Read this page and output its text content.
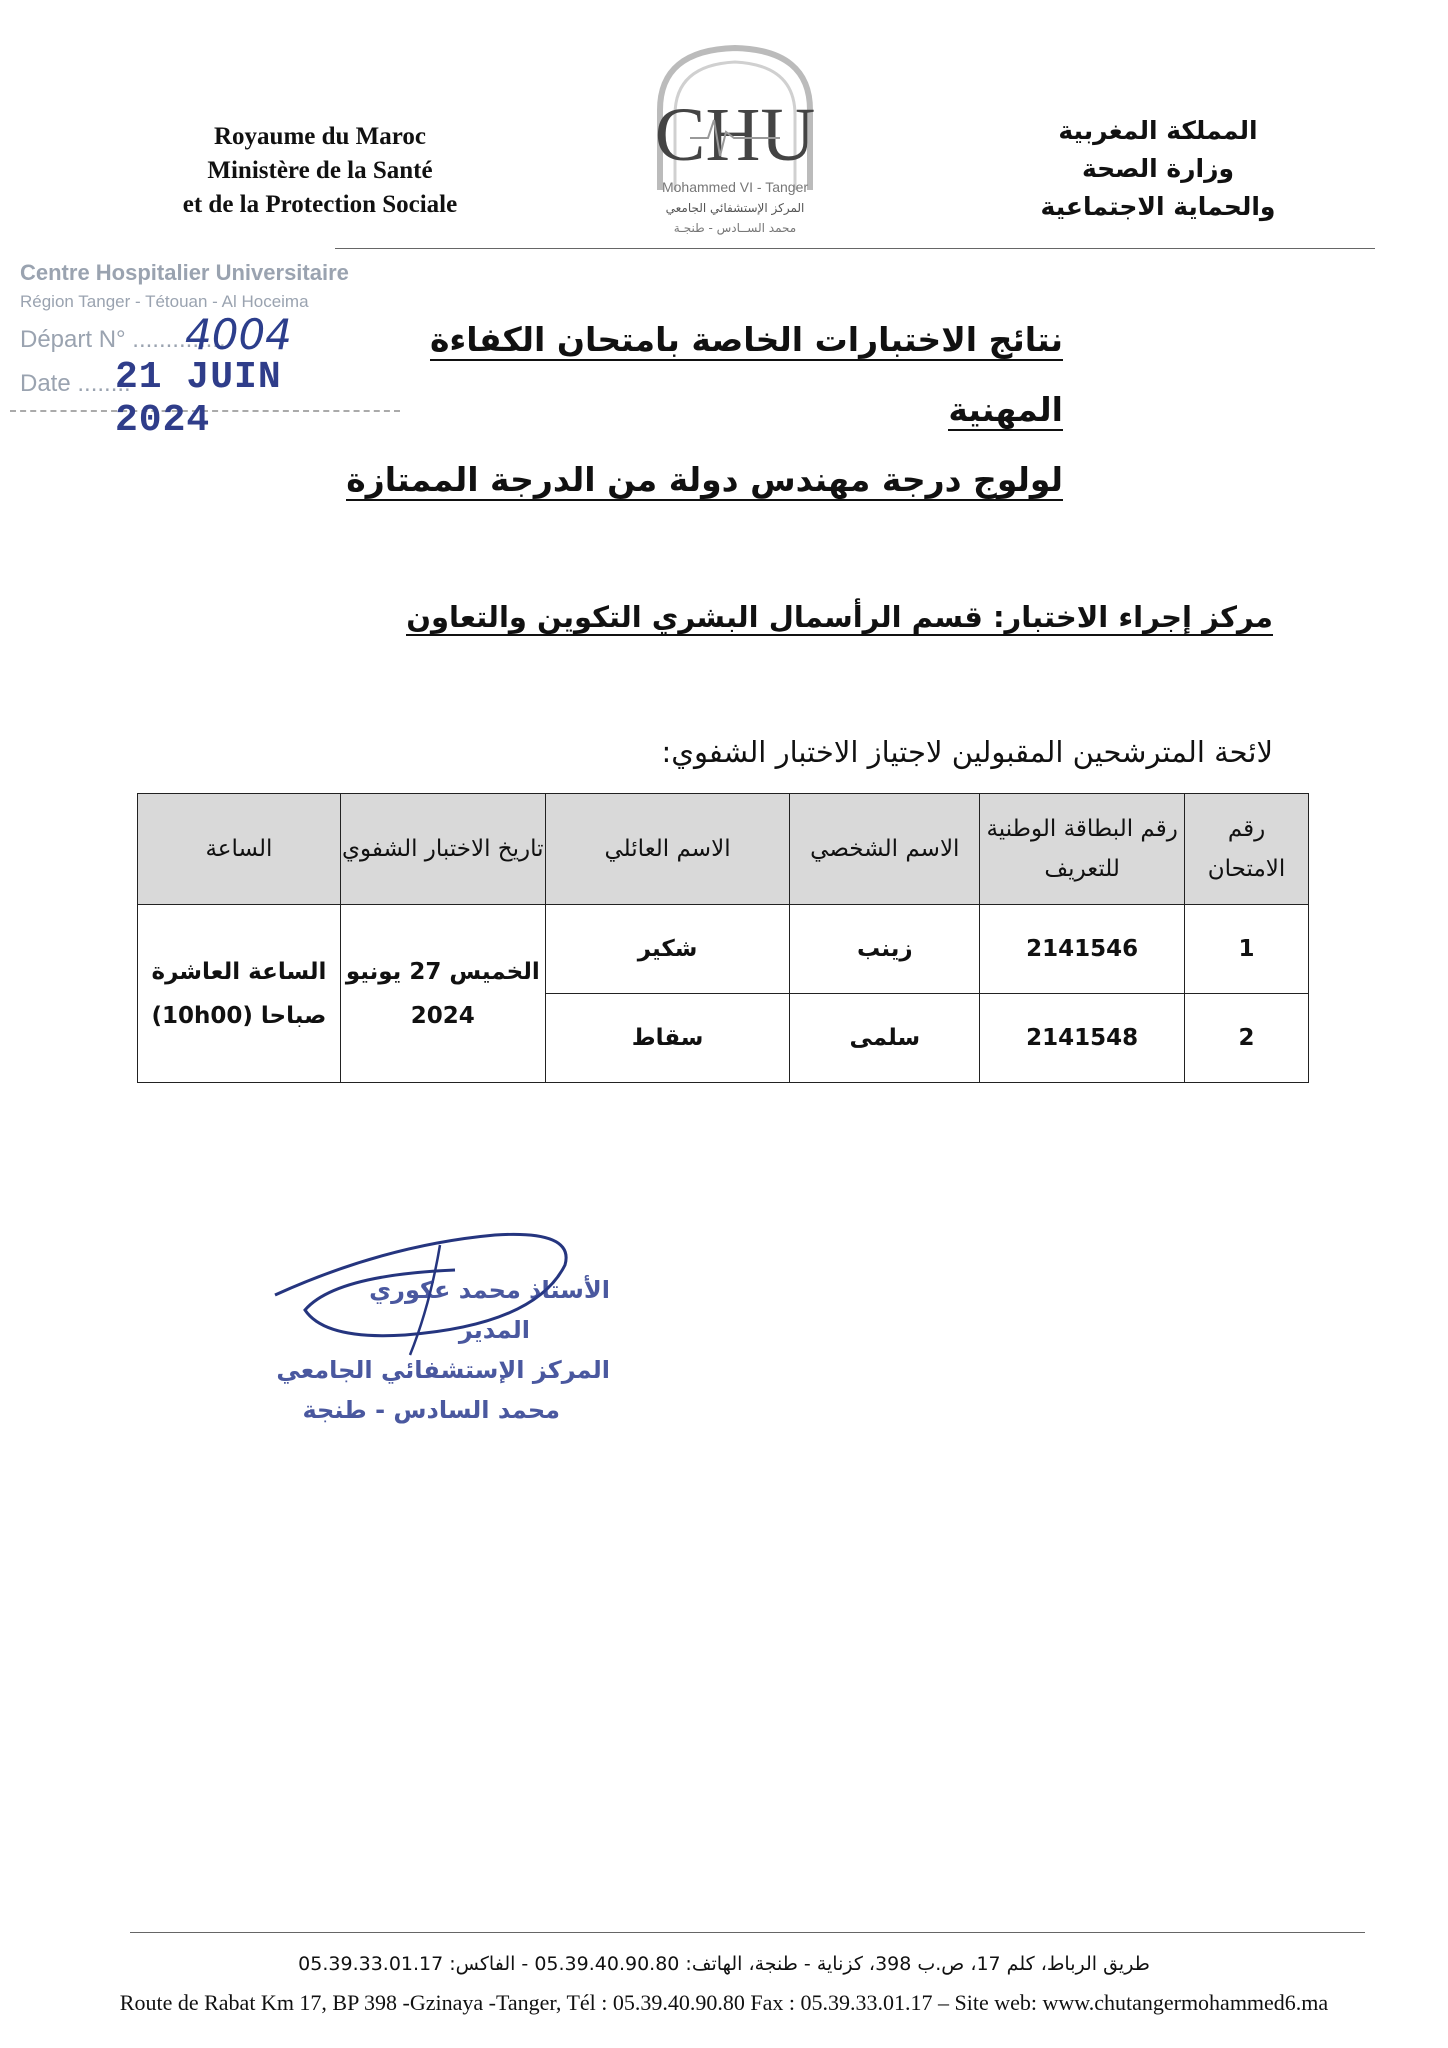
Royaume du Maroc
Ministère de la Santé
et de la Protection Sociale
CHU
Mohammed VI - Tanger
المركز الإستشفائي الجامعي
محمد الســادس - طنجـة
المملكة المغربية
وزارة الصحة
والحماية الاجتماعية
Centre Hospitalier Universitaire
Région Tanger - Tétouan - Al Hoceima
Départ N° ..............
Date ........
4004
21 JUIN 2024
نتائج الاختبارات الخاصة بامتحان الكفاءة المهنية
لولوج درجة مهندس دولة من الدرجة الممتازة
مركز إجراء الاختبار: قسم الرأسمال البشري التكوين والتعاون
لائحة المترشحين المقبولين لاجتياز الاختبار الشفوي:
رقم الامتحان	رقم البطاقة الوطنية للتعريف	الاسم الشخصي	الاسم العائلي	تاريخ الاختبار الشفوي	الساعة
1	2141546	زينب	شكير	الخميس 27 يونيو 2024	الساعة العاشرة صباحا (10h00)
2	2141548	سلمى	سقاط		
الأستاذ محمد عكوري
المدير
المركز الإستشفائي الجامعي
محمد السادس - طنجة
طريق الرباط، كلم 17، ص.ب 398، كزناية - طنجة، الهاتف: 05.39.40.90.80 - الفاكس: 05.39.33.01.17
Route de Rabat Km 17, BP 398 -Gzinaya -Tanger, Tél : 05.39.40.90.80 Fax : 05.39.33.01.17 – Site web: www.chutangermohammed6.ma
